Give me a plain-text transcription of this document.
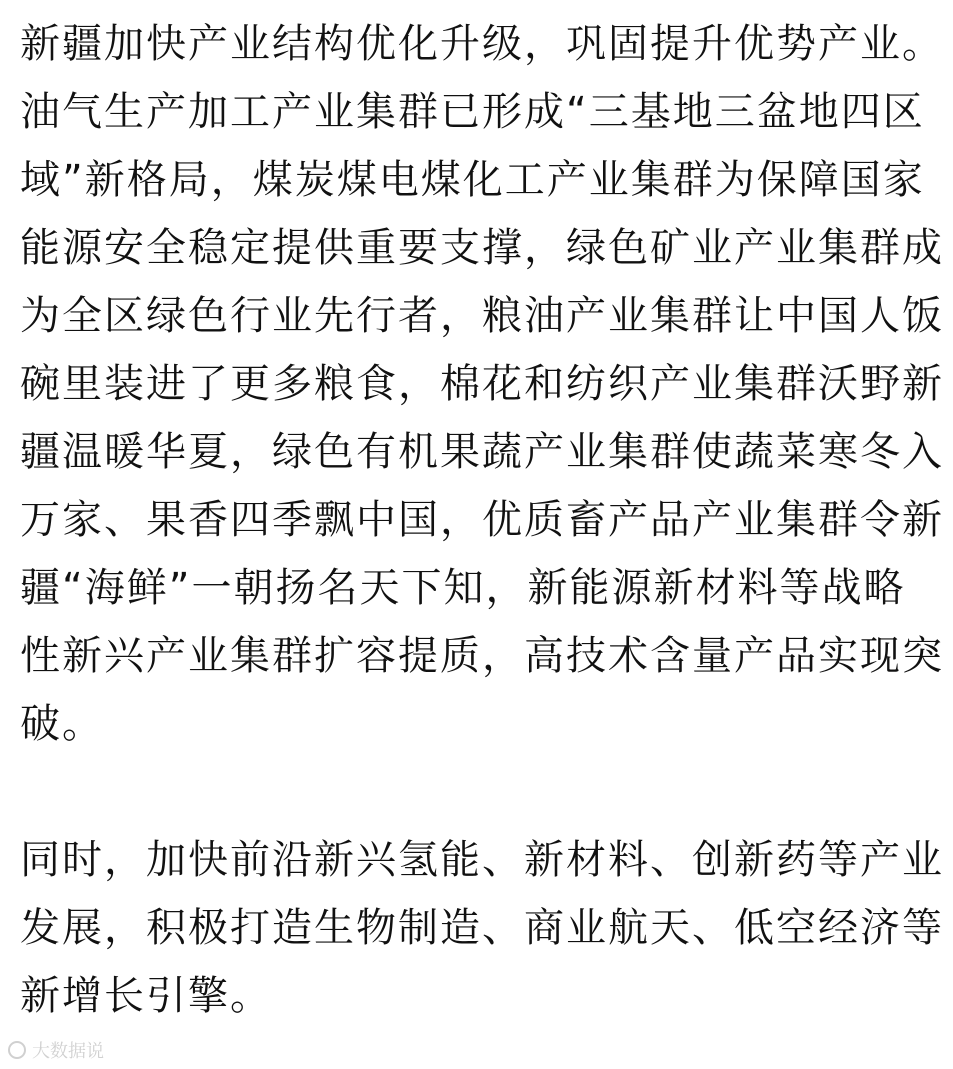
新疆加快产业结构优化升级，巩固提升优势产业。油气生产加工产业集群已形成“三基地三盆地四区域”新格局，煤炭煤电煤化工产业集群为保障国家能源安全稳定提供重要支撑，绿色矿业产业集群成为全区绿色行业先行者，粮油产业集群让中国人饭碗里装进了更多粮食，棉花和纺织产业集群沃野新疆温暖华夏，绿色有机果蔬产业集群使蔬菜寒冬入万家、果香四季飘中国，优质畜产品产业集群令新疆“海鲜”一朝扬名天下知，新能源新材料等战略性新兴产业集群扩容提质，高技术含量产品实现突破。

同时，加快前沿新兴氢能、新材料、创新药等产业发展，积极打造生物制造、商业航天、低空经济等新增长引擎。

大数据说
